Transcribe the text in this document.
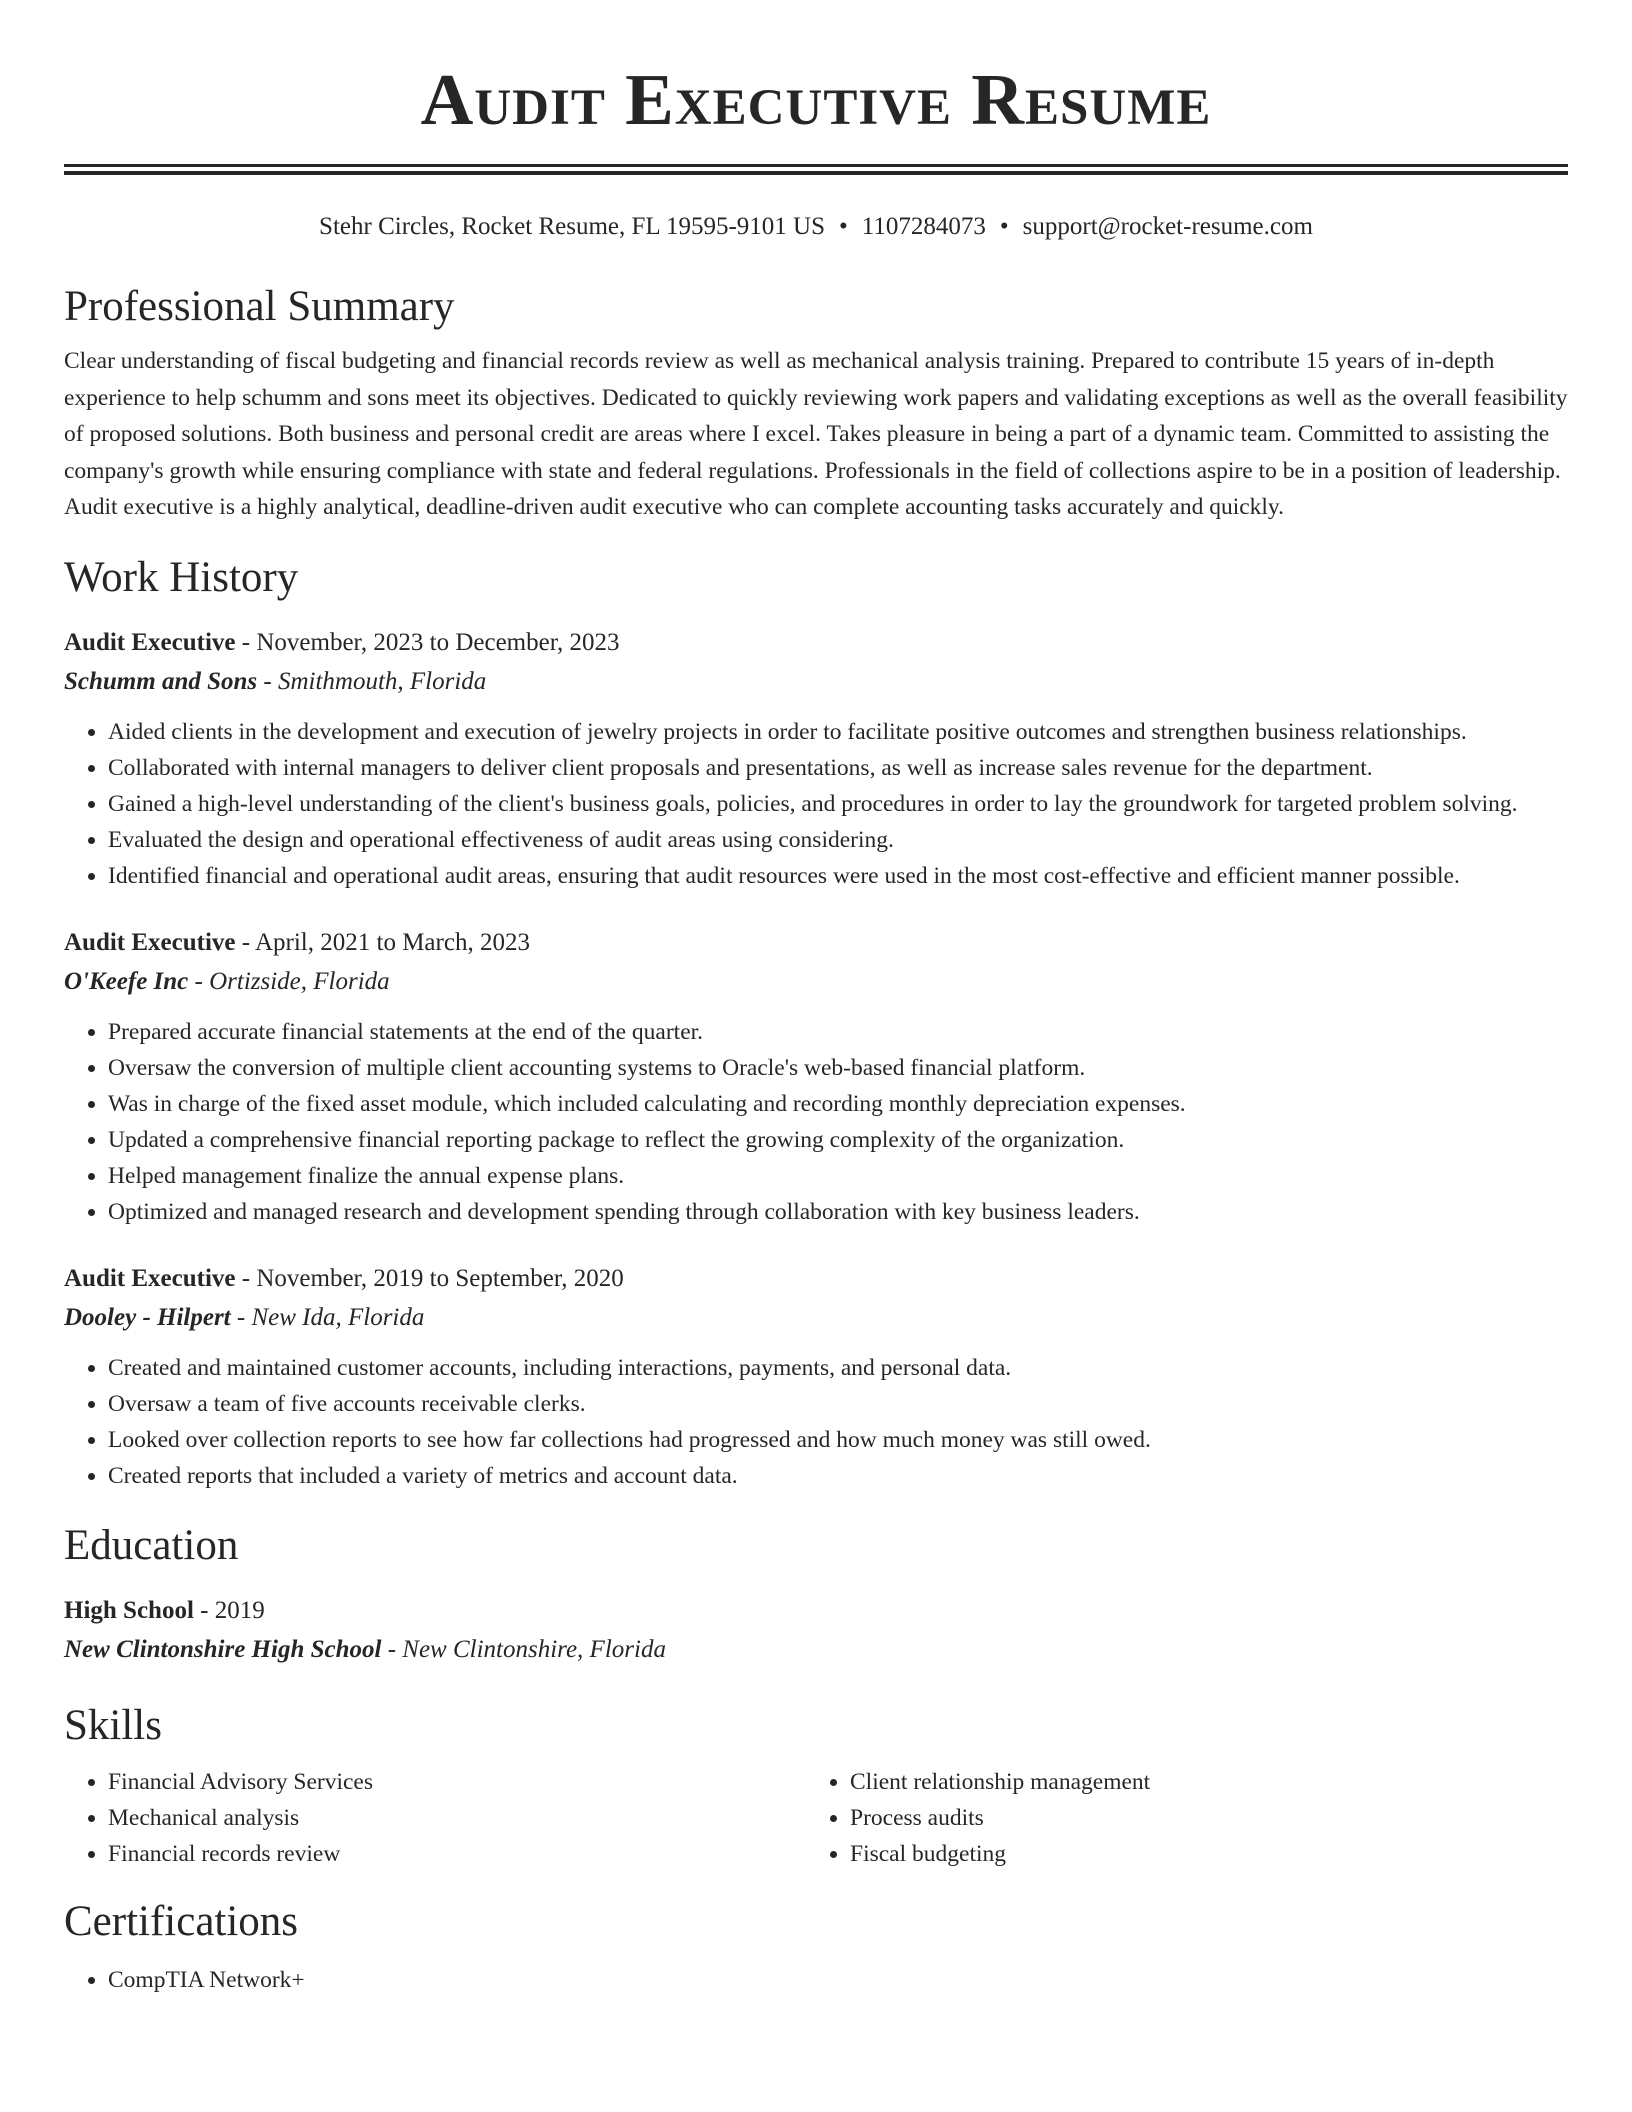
Audit Executive Resume
Stehr Circles, Rocket Resume, FL 19595-9101 US • 1107284073 • support@rocket-resume.com
Professional Summary
Clear understanding of fiscal budgeting and financial records review as well as mechanical analysis training. Prepared to contribute 15 years of in-depth experience to help schumm and sons meet its objectives. Dedicated to quickly reviewing work papers and validating exceptions as well as the overall feasibility of proposed solutions. Both business and personal credit are areas where I excel. Takes pleasure in being a part of a dynamic team. Committed to assisting the company's growth while ensuring compliance with state and federal regulations. Professionals in the field of collections aspire to be in a position of leadership. Audit executive is a highly analytical, deadline-driven audit executive who can complete accounting tasks accurately and quickly.
Work History
Audit Executive - November, 2023 to December, 2023
Schumm and Sons - Smithmouth, Florida
• Aided clients in the development and execution of jewelry projects in order to facilitate positive outcomes and strengthen business relationships.
• Collaborated with internal managers to deliver client proposals and presentations, as well as increase sales revenue for the department.
• Gained a high-level understanding of the client's business goals, policies, and procedures in order to lay the groundwork for targeted problem solving.
• Evaluated the design and operational effectiveness of audit areas using considering.
• Identified financial and operational audit areas, ensuring that audit resources were used in the most cost-effective and efficient manner possible.
Audit Executive - April, 2021 to March, 2023
O'Keefe Inc - Ortizside, Florida
• Prepared accurate financial statements at the end of the quarter.
• Oversaw the conversion of multiple client accounting systems to Oracle's web-based financial platform.
• Was in charge of the fixed asset module, which included calculating and recording monthly depreciation expenses.
• Updated a comprehensive financial reporting package to reflect the growing complexity of the organization.
• Helped management finalize the annual expense plans.
• Optimized and managed research and development spending through collaboration with key business leaders.
Audit Executive - November, 2019 to September, 2020
Dooley - Hilpert - New Ida, Florida
• Created and maintained customer accounts, including interactions, payments, and personal data.
• Oversaw a team of five accounts receivable clerks.
• Looked over collection reports to see how far collections had progressed and how much money was still owed.
• Created reports that included a variety of metrics and account data.
Education
High School - 2019
New Clintonshire High School - New Clintonshire, Florida
Skills
• Financial Advisory Services
• Mechanical analysis
• Financial records review
• Client relationship management
• Process audits
• Fiscal budgeting
Certifications
• CompTIA Network+
